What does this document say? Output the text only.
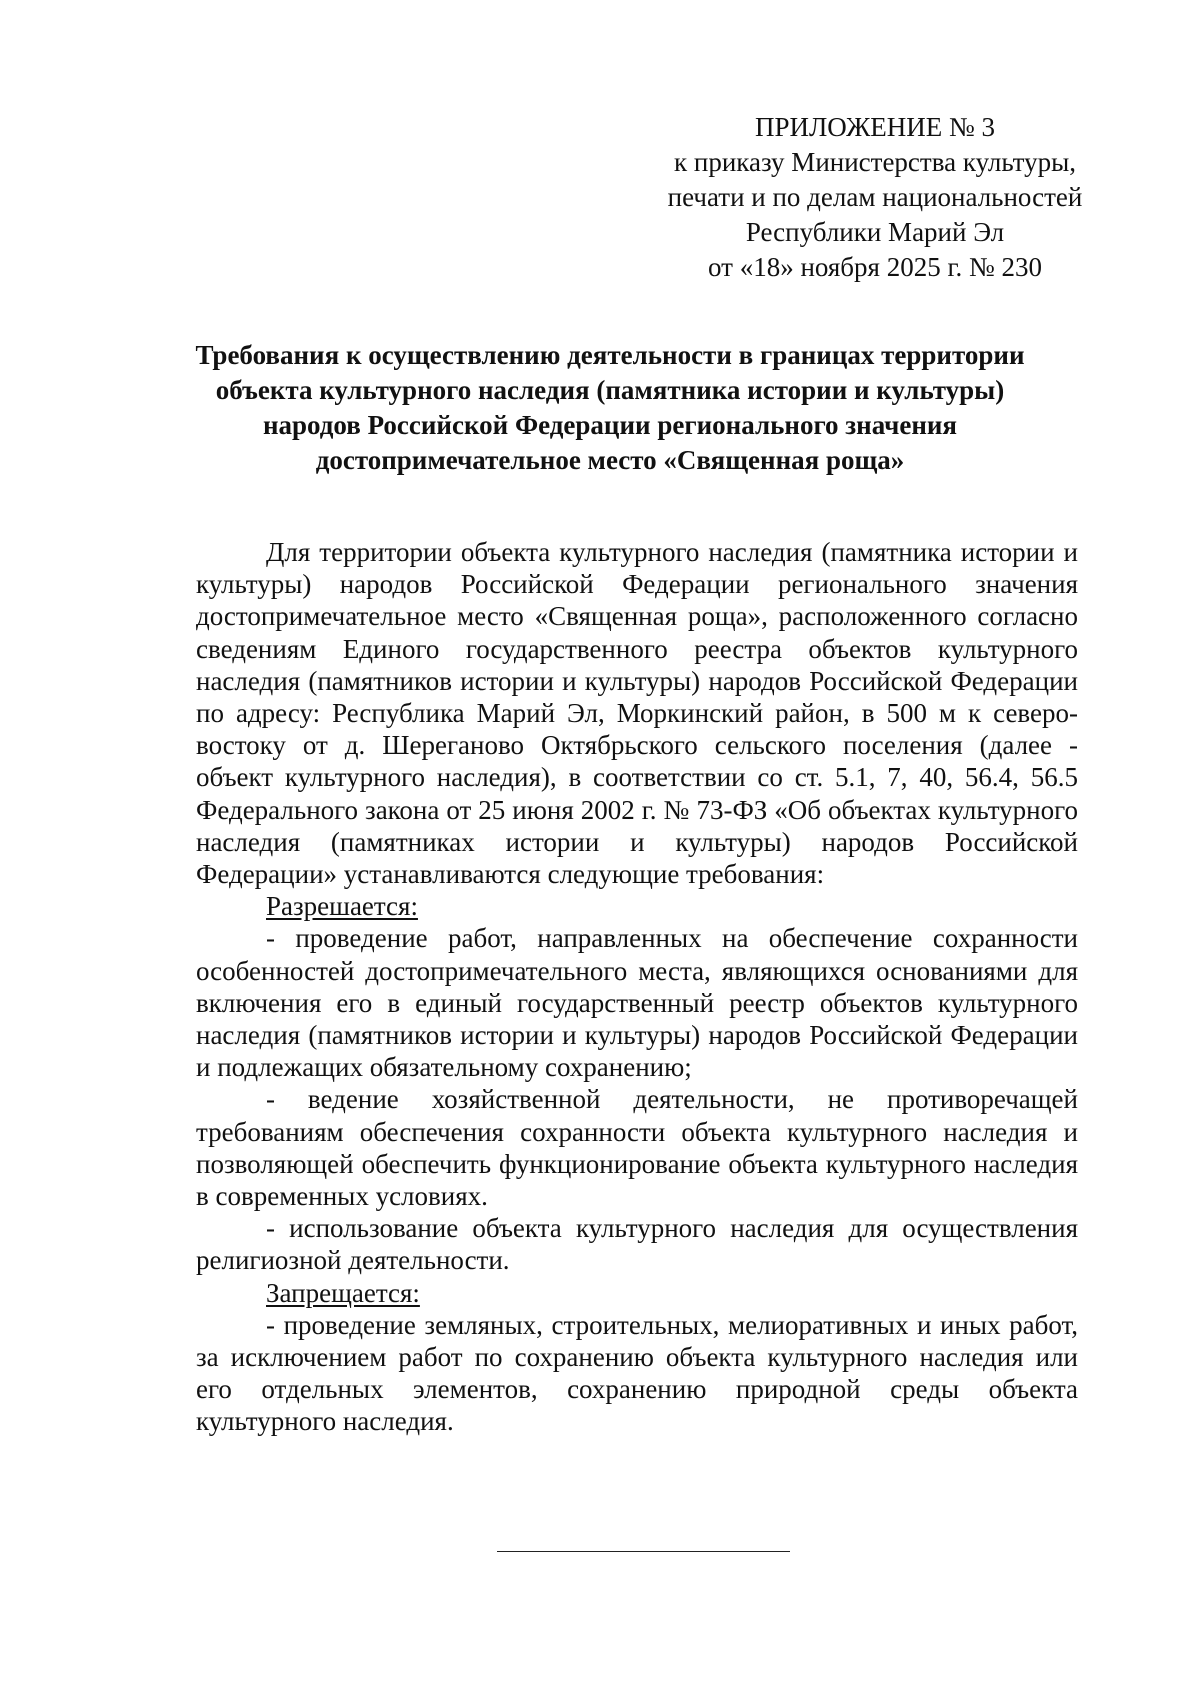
ПРИЛОЖЕНИЕ № 3
к приказу Министерства культуры,
печати и по делам национальностей
Республики Марий Эл
от «18» ноября 2025 г. № 230
Требования к осуществлению деятельности в границах территории
объекта культурного наследия (памятника истории и культуры)
народов Российской Федерации регионального значения
достопримечательное место «Священная роща»

Для территории объекта культурного наследия (памятника истории и культуры) народов Российской Федерации регионального значения достопримечательное место «Священная роща», расположенного согласно сведениям Единого государственного реестра объектов культурного наследия (памятников истории и культуры) народов Российской Федерации по адресу: Республика Марий Эл, Моркинский район, в 500 м к северо-востоку от д. Шереганово Октябрьского сельского поселения (далее - объект культурного наследия), в соответствии со ст. 5.1, 7, 40, 56.4, 56.5 Федерального закона от 25 июня 2002 г. № 73-ФЗ «Об объектах культурного наследия (памятниках истории и культуры) народов Российской Федерации» устанавливаются следующие требования:

Разрешается:

- проведение работ, направленных на обеспечение сохранности особенностей достопримечательного места, являющихся основаниями для включения его в единый государственный реестр объектов культурного наследия (памятников истории и культуры) народов Российской Федерации и подлежащих обязательному сохранению;

- ведение хозяйственной деятельности, не противоречащей требованиям обеспечения сохранности объекта культурного наследия и позволяющей обеспечить функционирование объекта культурного наследия в современных условиях.

- использование объекта культурного наследия для осуществления религиозной деятельности.

Запрещается:

- проведение земляных, строительных, мелиоративных и иных работ, за исключением работ по сохранению объекта культурного наследия или его отдельных элементов, сохранению природной среды объекта культурного наследия.
